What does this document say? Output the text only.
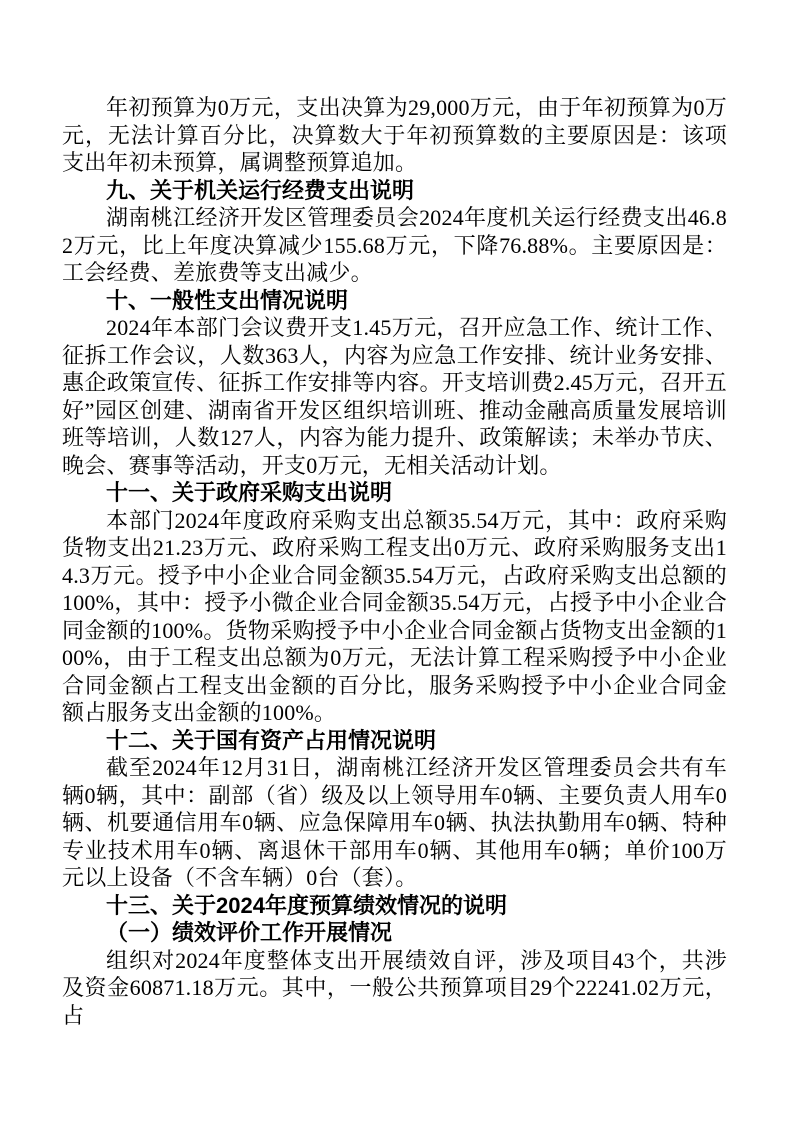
年初预算为0万元，支出决算为29,000万元，由于年初预算为0万元，无法计算百分比，决算数大于年初预算数的主要原因是：该项支出年初未预算，属调整预算追加。

九、关于机关运行经费支出说明

湖南桃江经济开发区管理委员会2024年度机关运行经费支出46.82万元，比上年度决算减少155.68万元，下降76.88%。主要原因是：工会经费、差旅费等支出减少。

十、一般性支出情况说明

2024年本部门会议费开支1.45万元，召开应急工作、统计工作、征拆工作会议，人数363人，内容为应急工作安排、统计业务安排、惠企政策宣传、征拆工作安排等内容。开支培训费2.45万元，召开五好”园区创建、湖南省开发区组织培训班、推动金融高质量发展培训班等培训，人数127人，内容为能力提升、政策解读；未举办节庆、晚会、赛事等活动，开支0万元，无相关活动计划。

十一、关于政府采购支出说明

本部门2024年度政府采购支出总额35.54万元，其中：政府采购货物支出21.23万元、政府采购工程支出0万元、政府采购服务支出14.3万元。授予中小企业合同金额35.54万元，占政府采购支出总额的100%，其中：授予小微企业合同金额35.54万元，占授予中小企业合同金额的100%。货物采购授予中小企业合同金额占货物支出金额的100%，由于工程支出总额为0万元，无法计算工程采购授予中小企业合同金额占工程支出金额的百分比，服务采购授予中小企业合同金额占服务支出金额的100%。

十二、关于国有资产占用情况说明

截至2024年12月31日，湖南桃江经济开发区管理委员会共有车辆0辆，其中：副部（省）级及以上领导用车0辆、主要负责人用车0辆、机要通信用车0辆、应急保障用车0辆、执法执勤用车0辆、特种专业技术用车0辆、离退休干部用车0辆、其他用车0辆；单价100万元以上设备（不含车辆）0台（套）。

十三、关于2024年度预算绩效情况的说明
（一）绩效评价工作开展情况

组织对2024年度整体支出开展绩效自评，涉及项目43个，共涉及资金60871.18万元。其中，一般公共预算项目29个22241.02万元，占
